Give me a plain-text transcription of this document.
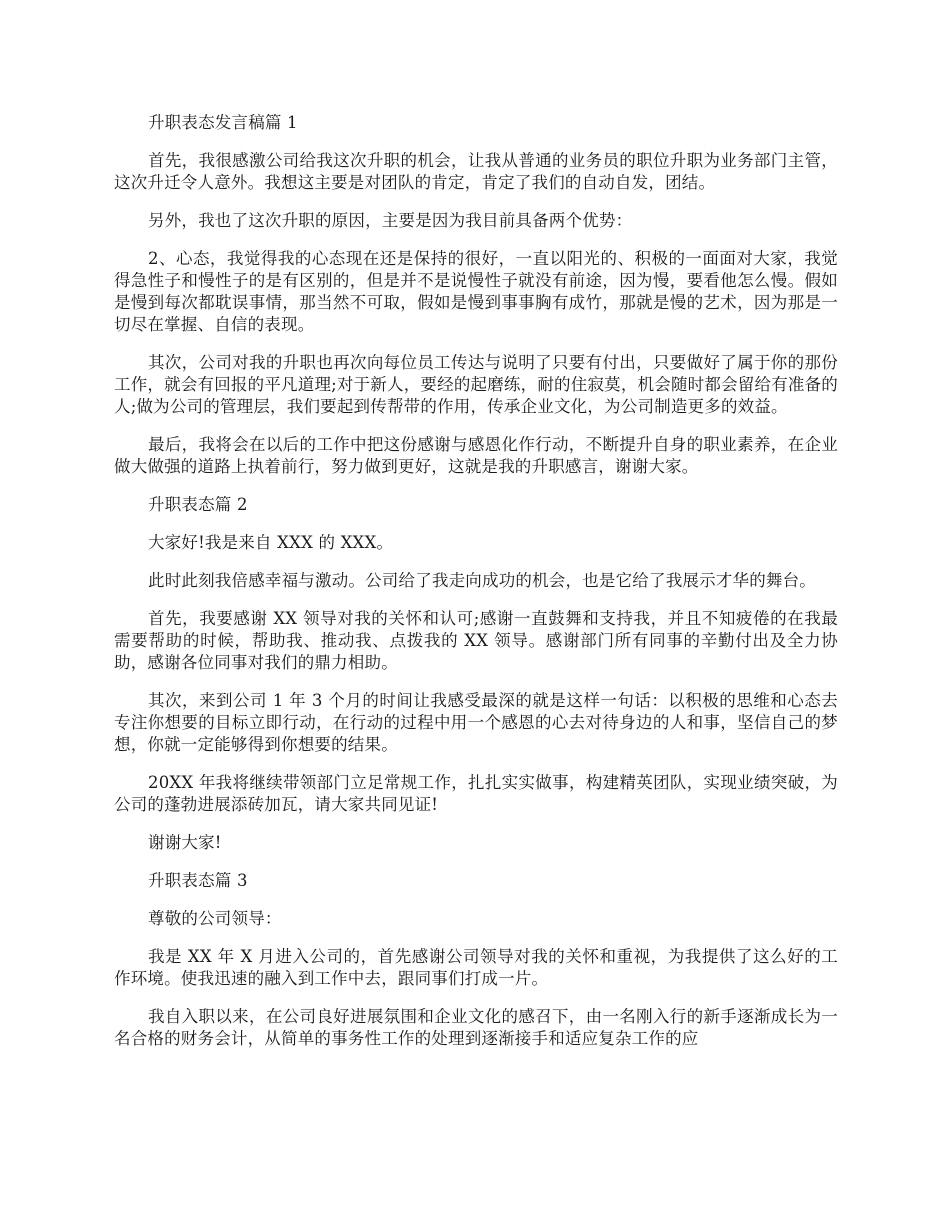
升职表态发言稿篇 1

首先，我很感激公司给我这次升职的机会，让我从普通的业务员的职位升职为业务部门主管，这次升迁令人意外。我想这主要是对团队的肯定，肯定了我们的自动自发，团结。

另外，我也了这次升职的原因，主要是因为我目前具备两个优势：

2、心态，我觉得我的心态现在还是保持的很好，一直以阳光的、积极的一面面对大家，我觉得急性子和慢性子的是有区别的，但是并不是说慢性子就没有前途，因为慢，要看他怎么慢。假如是慢到每次都耽误事情，那当然不可取，假如是慢到事事胸有成竹，那就是慢的艺术，因为那是一切尽在掌握、自信的表现。

其次，公司对我的升职也再次向每位员工传达与说明了只要有付出，只要做好了属于你的那份工作，就会有回报的平凡道理;对于新人，要经的起磨练，耐的住寂莫，机会随时都会留给有准备的人;做为公司的管理层，我们要起到传帮带的作用，传承企业文化，为公司制造更多的效益。

最后，我将会在以后的工作中把这份感谢与感恩化作行动，不断提升自身的职业素养，在企业做大做强的道路上执着前行，努力做到更好，这就是我的升职感言，谢谢大家。

升职表态篇 2

大家好!我是来自 XXX 的 XXX。

此时此刻我倍感幸福与激动。公司给了我走向成功的机会，也是它给了我展示才华的舞台。

首先，我要感谢 XX 领导对我的关怀和认可;感谢一直鼓舞和支持我，并且不知疲倦的在我最需要帮助的时候，帮助我、推动我、点拨我的 XX 领导。感谢部门所有同事的辛勤付出及全力协助，感谢各位同事对我们的鼎力相助。

其次，来到公司 1 年 3 个月的时间让我感受最深的就是这样一句话：以积极的思维和心态去专注你想要的目标立即行动，在行动的过程中用一个感恩的心去对待身边的人和事，坚信自己的梦想，你就一定能够得到你想要的结果。

20XX 年我将继续带领部门立足常规工作，扎扎实实做事，构建精英团队，实现业绩突破，为公司的蓬勃进展添砖加瓦，请大家共同见证!

谢谢大家!

升职表态篇 3

尊敬的公司领导：

我是 XX 年 X 月进入公司的，首先感谢公司领导对我的关怀和重视，为我提供了这么好的工作环境。使我迅速的融入到工作中去，跟同事们打成一片。

我自入职以来，在公司良好进展氛围和企业文化的感召下，由一名刚入行的新手逐渐成长为一名合格的财务会计，从简单的事务性工作的处理到逐渐接手和适应复杂工作的应
